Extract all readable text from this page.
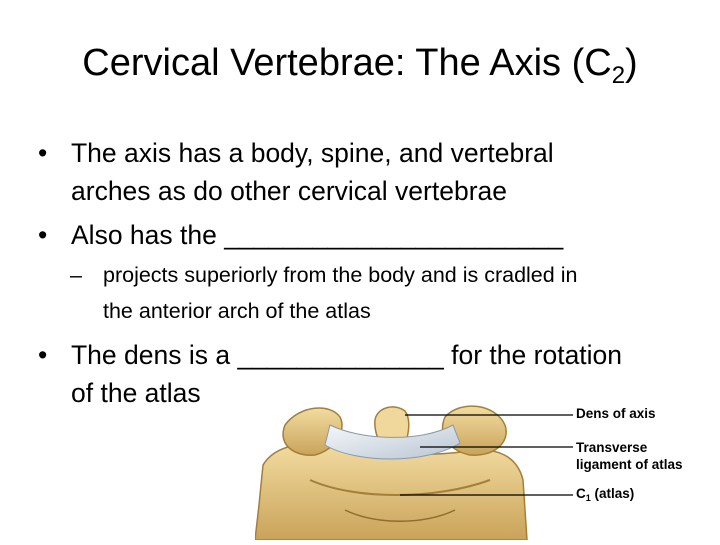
Cervical Vertebrae: The Axis $(C_2)$
• The axis has a body, spine, and vertebral
arches as do other cervical vertebrae
• Also has the _______________________
– projects superiorly from the body and is cradled in
the anterior arch of the atlas
• The dens is a ______________ for the rotation
of the atlas
Dens of axis
Transverse
ligament of atlas
$C_1$ (atlas)
